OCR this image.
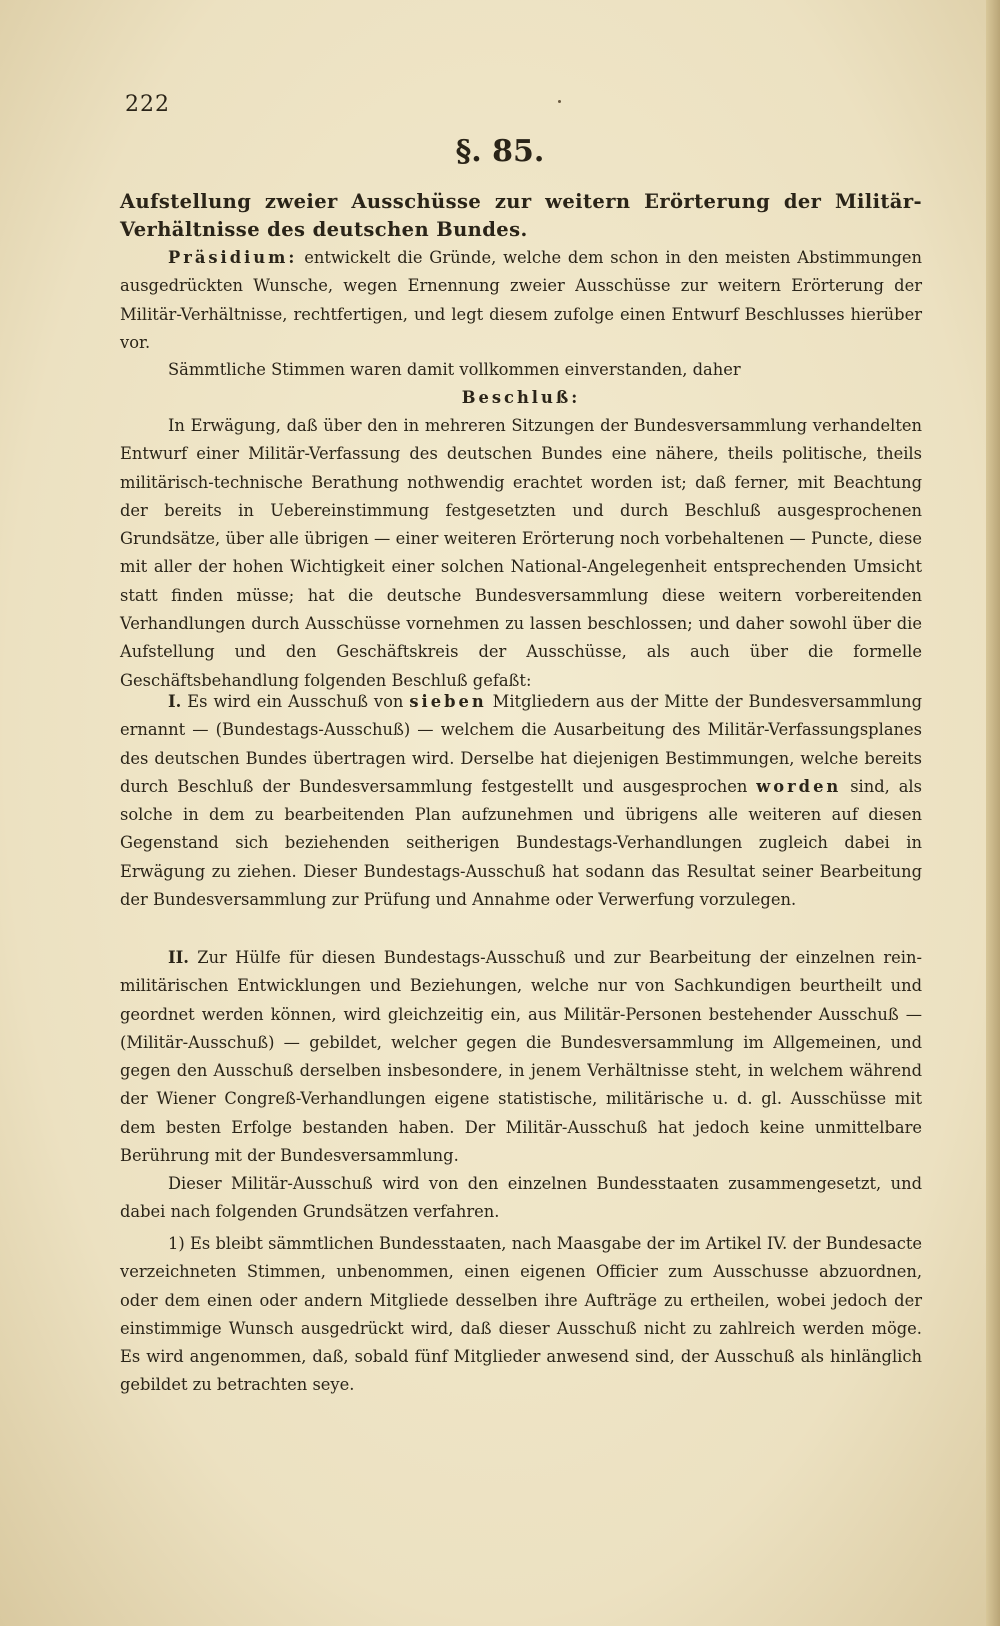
222
§. 85.
Aufstellung zweier Ausschüsse zur weitern Erörterung der Militär-Verhältnisse des deutschen Bundes.

Präsidium: entwickelt die Gründe, welche dem schon in den meisten Abstimmungen ausgedrückten Wunsche, wegen Ernennung zweier Ausschüsse zur weitern Erörterung der Militär-Verhältnisse, rechtfertigen, und legt diesem zufolge einen Entwurf Beschlusses hierüber vor.

Sämmtliche Stimmen waren damit vollkommen einverstanden, daher

Beschluß:

In Erwägung, daß über den in mehreren Sitzungen der Bundesversammlung verhandelten Entwurf einer Militär-Verfassung des deutschen Bundes eine nähere, theils politische, theils militärisch-technische Berathung nothwendig erachtet worden ist; daß ferner, mit Beachtung der bereits in Uebereinstimmung festgesetzten und durch Beschluß ausgesprochenen Grundsätze, über alle übrigen — einer weiteren Erörterung noch vorbehaltenen — Puncte, diese mit aller der hohen Wichtigkeit einer solchen National-Angelegenheit entsprechenden Umsicht statt finden müsse; hat die deutsche Bundesversammlung diese weitern vorbereitenden Verhandlungen durch Ausschüsse vornehmen zu lassen beschlossen; und daher sowohl über die Aufstellung und den Geschäftskreis der Ausschüsse, als auch über die formelle Geschäftsbehandlung folgenden Beschluß gefaßt:

I. Es wird ein Ausschuß von sieben Mitgliedern aus der Mitte der Bundesversammlung ernannt — (Bundestags-Ausschuß) — welchem die Ausarbeitung des Militär-Verfassungsplanes des deutschen Bundes übertragen wird. Derselbe hat diejenigen Bestimmungen, welche bereits durch Beschluß der Bundesversammlung festgestellt und ausgesprochen worden sind, als solche in dem zu bearbeitenden Plan aufzunehmen und übrigens alle weiteren auf diesen Gegenstand sich beziehenden seitherigen Bundestags-Verhandlungen zugleich dabei in Erwägung zu ziehen. Dieser Bundestags-Ausschuß hat sodann das Resultat seiner Bearbeitung der Bundesversammlung zur Prüfung und Annahme oder Verwerfung vorzulegen.

II. Zur Hülfe für diesen Bundestags-Ausschuß und zur Bearbeitung der einzelnen rein-militärischen Entwicklungen und Beziehungen, welche nur von Sachkundigen beurtheilt und geordnet werden können, wird gleichzeitig ein, aus Militär-Personen bestehender Ausschuß — (Militär-Ausschuß) — gebildet, welcher gegen die Bundesversammlung im Allgemeinen, und gegen den Ausschuß derselben insbesondere, in jenem Verhältnisse steht, in welchem während der Wiener Congreß-Verhandlungen eigene statistische, militärische u. d. gl. Ausschüsse mit dem besten Erfolge bestanden haben. Der Militär-Ausschuß hat jedoch keine unmittelbare Berührung mit der Bundesversammlung.

Dieser Militär-Ausschuß wird von den einzelnen Bundesstaaten zusammengesetzt, und dabei nach folgenden Grundsätzen verfahren.

1) Es bleibt sämmtlichen Bundesstaaten, nach Maasgabe der im Artikel IV. der Bundesacte verzeichneten Stimmen, unbenommen, einen eigenen Officier zum Ausschusse abzuordnen, oder dem einen oder andern Mitgliede desselben ihre Aufträge zu ertheilen, wobei jedoch der einstimmige Wunsch ausgedrückt wird, daß dieser Ausschuß nicht zu zahlreich werden möge. Es wird angenommen, daß, sobald fünf Mitglieder anwesend sind, der Ausschuß als hinlänglich gebildet zu betrachten seye.
